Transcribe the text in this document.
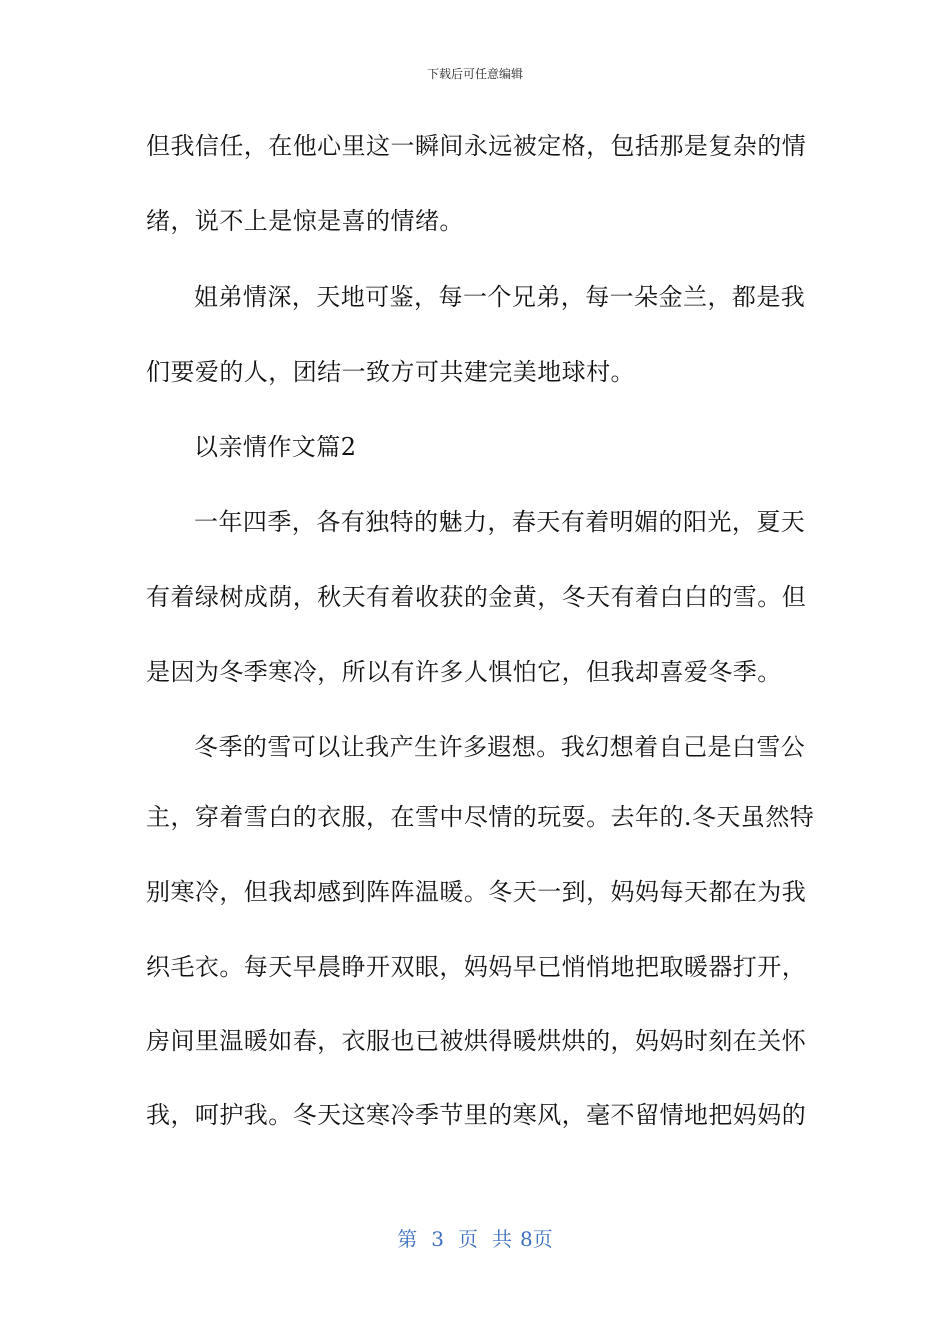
下载后可任意编辑
但我信任，在他心里这一瞬间永远被定格，包括那是复杂的情
绪，说不上是惊是喜的情绪。
姐弟情深，天地可鉴，每一个兄弟，每一朵金兰，都是我
们要爱的人，团结一致方可共建完美地球村。
以亲情作文篇2
一年四季，各有独特的魅力，春天有着明媚的阳光，夏天
有着绿树成荫，秋天有着收获的金黄，冬天有着白白的雪。但
是因为冬季寒冷，所以有许多人惧怕它，但我却喜爱冬季。
冬季的雪可以让我产生许多遐想。我幻想着自己是白雪公
主，穿着雪白的衣服，在雪中尽情的玩耍。去年的.冬天虽然特
别寒冷，但我却感到阵阵温暖。冬天一到，妈妈每天都在为我
织毛衣。每天早晨睁开双眼，妈妈早已悄悄地把取暖器打开，
房间里温暖如春，衣服也已被烘得暖烘烘的，妈妈时刻在关怀
我，呵护我。冬天这寒冷季节里的寒风，毫不留情地把妈妈的
第 3 页 共 8页
